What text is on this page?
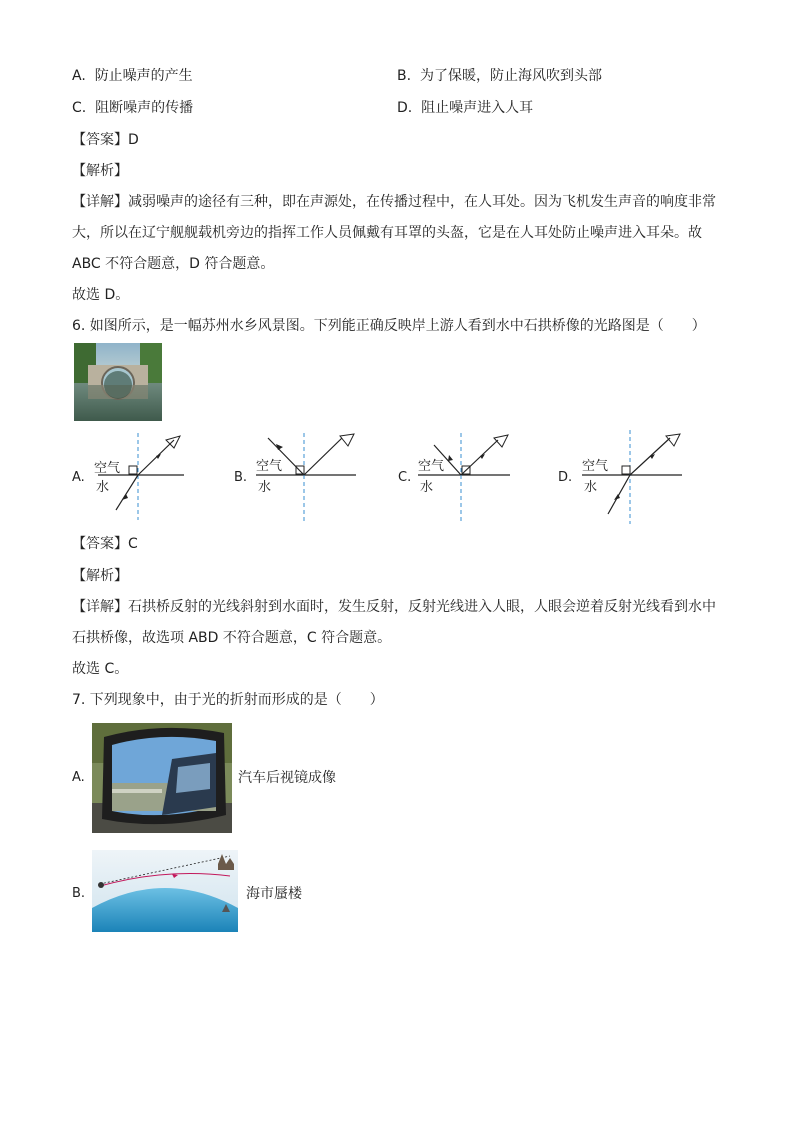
A. 防止噪声的产生	B. 为了保暖，防止海风吹到头部
C. 阻断噪声的传播	D. 阻止噪声进入人耳
【答案】D
【解析】
【详解】减弱噪声的途径有三种，即在声源处，在传播过程中，在人耳处。因为飞机发生声音的响度非常
大，所以在辽宁舰舰载机旁边的指挥工作人员佩戴有耳罩的头盔，它是在人耳处防止噪声进入耳朵。故
ABC 不符合题意，D 符合题意。
故选 D。
6. 如图所示，是一幅苏州水乡风景图。下列能正确反映岸上游人看到水中石拱桥像的光路图是（　　）
A.
空气
水
B.
空气
水
C.
空气
水
D.
空气
水
【答案】C
【解析】
【详解】石拱桥反射的光线斜射到水面时，发生反射，反射光线进入人眼，人眼会逆着反射光线看到水中
石拱桥像，故选项 ABD 不符合题意，C 符合题意。
故选 C。
7. 下列现象中，由于光的折射而形成的是（　　）
A.	汽车后视镜成像
B.	海市蜃楼
